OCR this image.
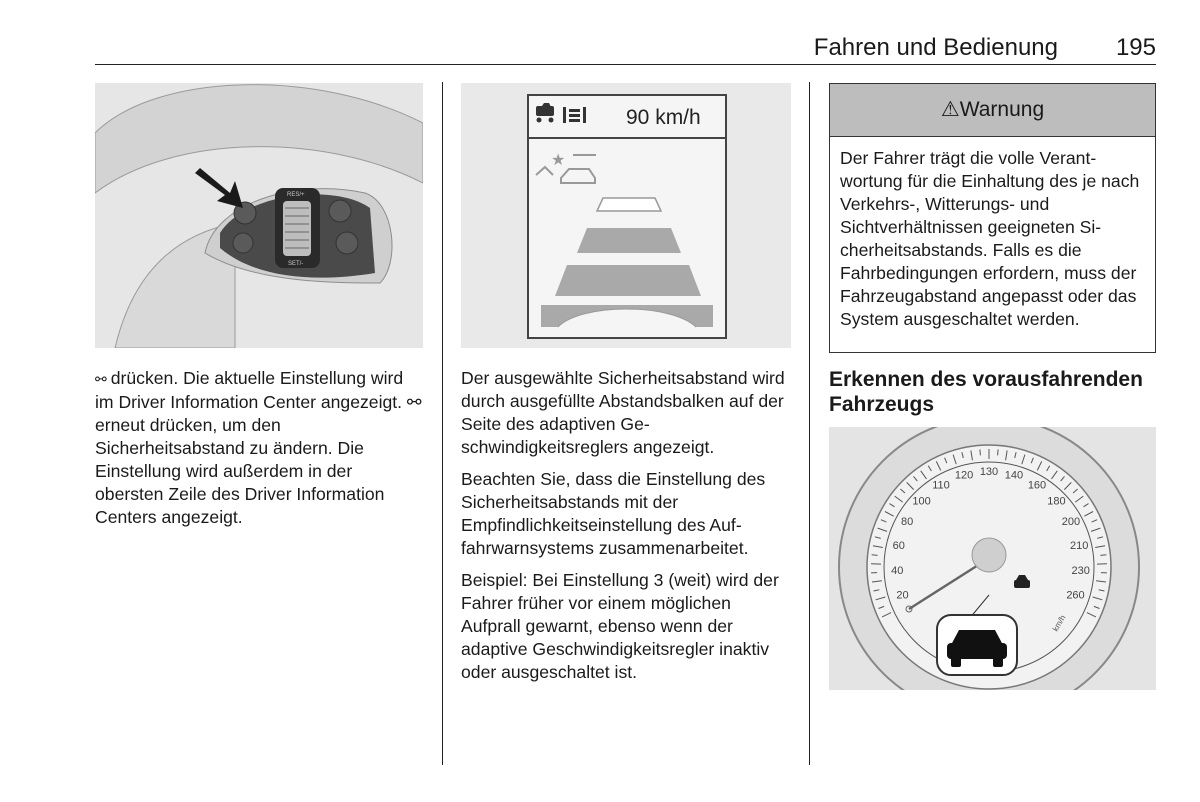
Fahren und Bedienung 195
RES/+
SET/-

⚯ drücken. Die aktuelle Einstellung wird im Driver Information Center angezeigt. ⚯ erneut drücken, um den Sicherheitsabstand zu ändern. Die Einstellung wird außerdem in der obersten Zeile des Driver Information Centers angezeigt.

90 km/h
★

Der ausgewählte Sicherheitsabstand wird durch ausgefüllte Abstandsbalken auf der Seite des adaptiven Geschwindigkeitsreglers angezeigt.

Beachten Sie, dass die Einstellung des Sicherheitsabstands mit der Empfindlichkeitseinstellung des Auffahrwarnsystems zusammenarbeitet.

Beispiel: Bei Einstellung 3 (weit) wird der Fahrer früher vor einem möglichen Aufprall gewarnt, ebenso wenn der adaptive Geschwindigkeitsregler inaktiv oder ausgeschaltet ist.

⚠Warnung
Der Fahrer trägt die volle Verantwortung für die Einhaltung des je nach Verkehrs-, Witterungs- und Sichtverhältnissen geeigneten Sicherheitsabstands. Falls es die Fahrbedingungen erfordern, muss der Fahrzeugabstand angepasst oder das System ausgeschaltet werden.
Erkennen des vorausfahrenden Fahrzeugs
20
40
60
80
100
110
120 130 140
160
180
200
210
230
260
km/h
